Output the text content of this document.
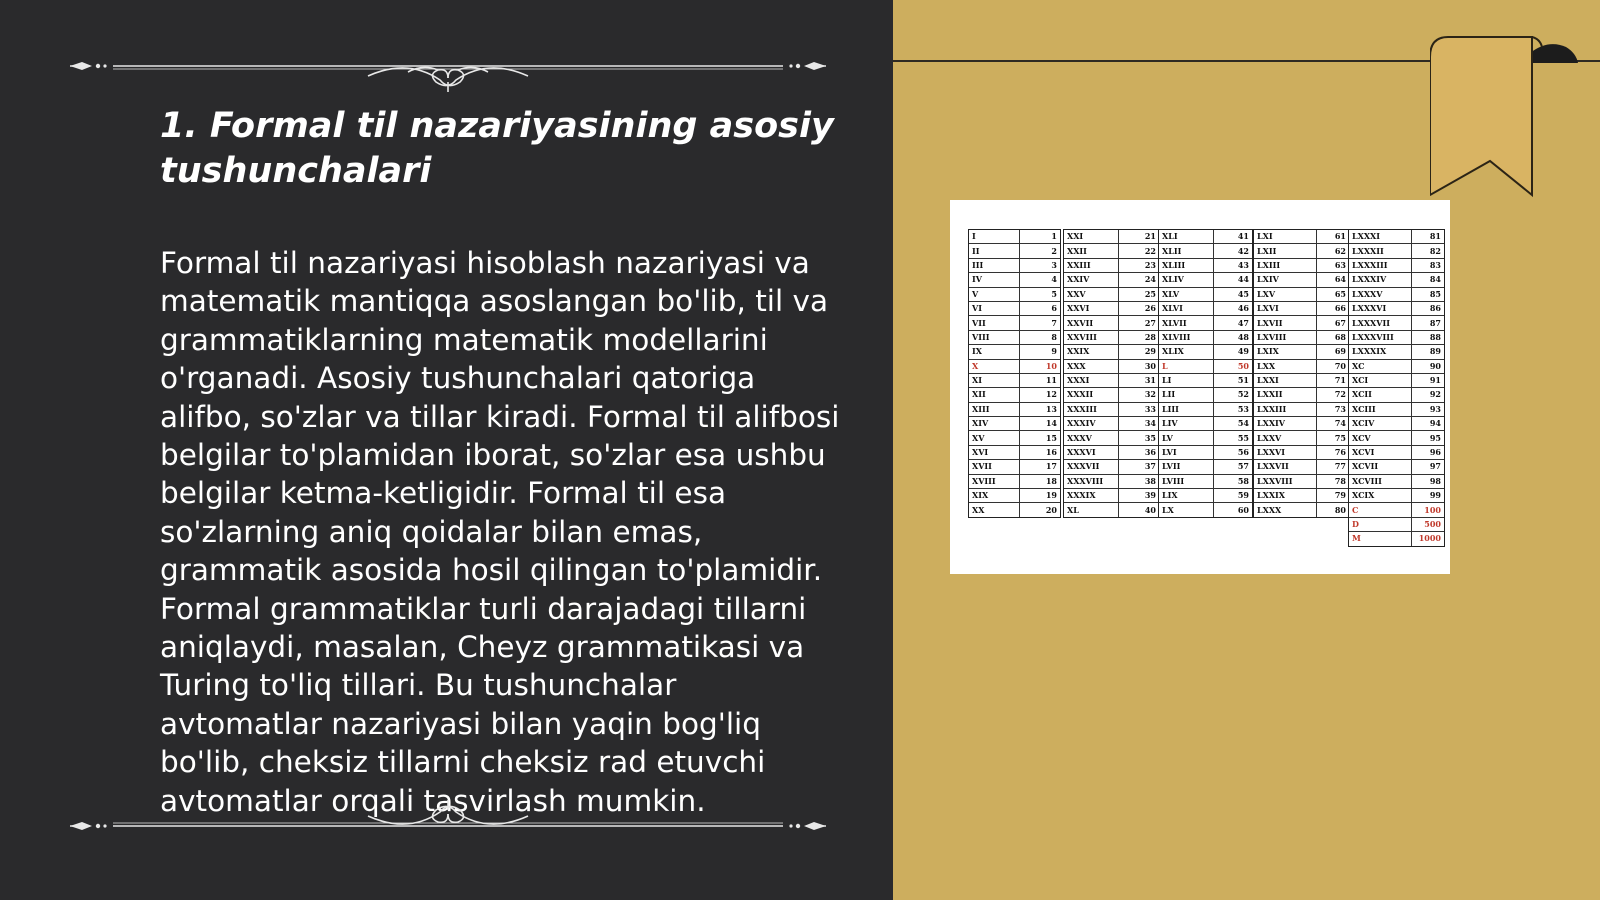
1. Formal til nazariyasining asosiy tushunchalari

Formal til nazariyasi hisoblash nazariyasi va matematik mantiqqa asoslangan bo'lib, til va grammatiklarning matematik modellarini o'rganadi. Asosiy tushunchalari qatoriga alifbo, so'zlar va tillar kiradi. Formal til alifbosi belgilar to'plamidan iborat, so'zlar esa ushbu belgilar ketma-ketligidir. Formal til esa so'zlarning aniq qoidalar bilan emas, grammatik asosida hosil qilingan to'plamidir. Formal grammatiklar turli darajadagi tillarni aniqlaydi, masalan, Cheyz grammatikasi va Turing to'liq tillari. Bu tushunchalar avtomatlar nazariyasi bilan yaqin bog'liq bo'lib, cheksiz tillarni cheksiz rad etuvchi avtomatlar orqali tasvirlash mumkin.

I	1
II	2
III	3
IV	4
V	5
VI	6
VII	7
VIII	8
IX	9
X	10
XI	11
XII	12
XIII	13
XIV	14
XV	15
XVI	16
XVII	17
XVIII	18
XIX	19
XX	20
XXI	21
XXII	22
XXIII	23
XXIV	24
XXV	25
XXVI	26
XXVII	27
XXVIII	28
XXIX	29
XXX	30
XXXI	31
XXXII	32
XXXIII	33
XXXIV	34
XXXV	35
XXXVI	36
XXXVII	37
XXXVIII	38
XXXIX	39
XL	40
XLI	41
XLII	42
XLIII	43
XLIV	44
XLV	45
XLVI	46
XLVII	47
XLVIII	48
XLIX	49
L	50
LI	51
LII	52
LIII	53
LIV	54
LV	55
LVI	56
LVII	57
LVIII	58
LIX	59
LX	60
LXI	61
LXII	62
LXIII	63
LXIV	64
LXV	65
LXVI	66
LXVII	67
LXVIII	68
LXIX	69
LXX	70
LXXI	71
LXXII	72
LXXIII	73
LXXIV	74
LXXV	75
LXXVI	76
LXXVII	77
LXXVIII	78
LXXIX	79
LXXX	80
LXXXI	81
LXXXII	82
LXXXIII	83
LXXXIV	84
LXXXV	85
LXXXVI	86
LXXXVII	87
LXXXVIII	88
LXXXIX	89
XC	90
XCI	91
XCII	92
XCIII	93
XCIV	94
XCV	95
XCVI	96
XCVII	97
XCVIII	98
XCIX	99
C	100
D	500
M	1000
